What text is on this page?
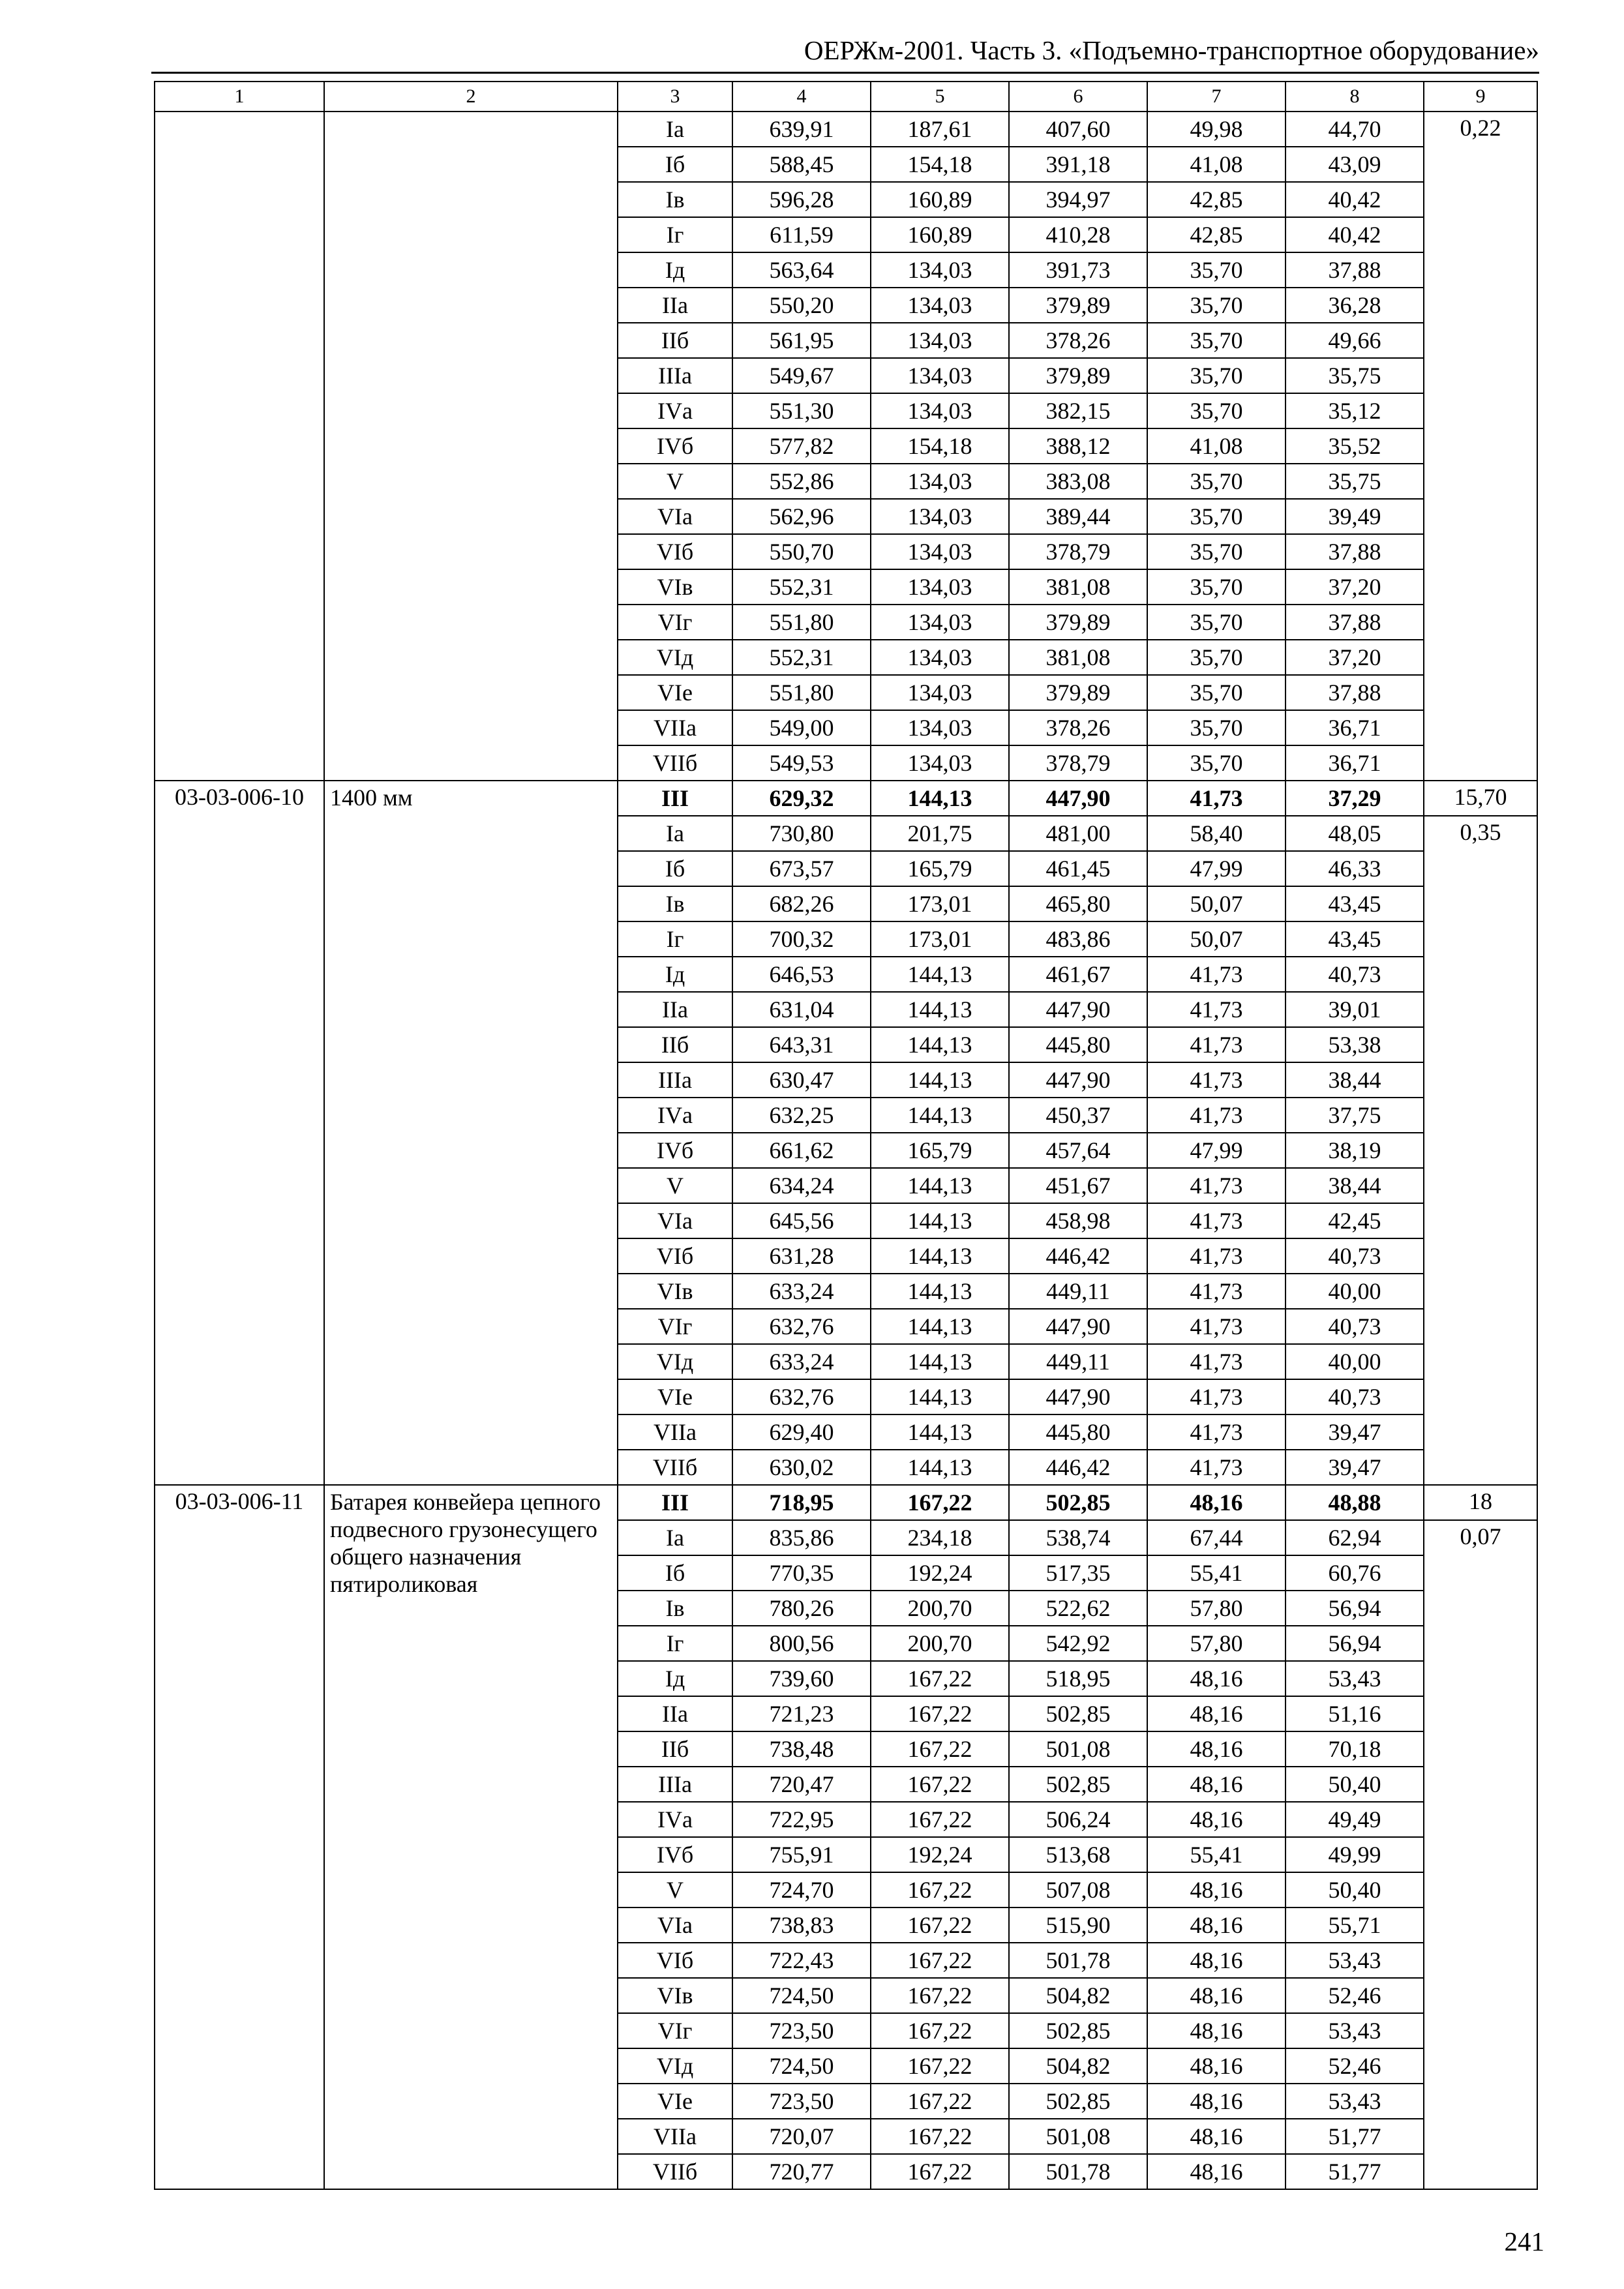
ОЕРЖм-2001. Часть 3. «Подъемно-транспортное оборудование»
1	2	3	4	5	6	7	8	9
		Iа	639,91	187,61	407,60	49,98	44,70	0,22
		Iб	588,45	154,18	391,18	41,08	43,09	
		Iв	596,28	160,89	394,97	42,85	40,42	
		Iг	611,59	160,89	410,28	42,85	40,42	
		Iд	563,64	134,03	391,73	35,70	37,88	
		IIа	550,20	134,03	379,89	35,70	36,28	
		IIб	561,95	134,03	378,26	35,70	49,66	
		IIIа	549,67	134,03	379,89	35,70	35,75	
		IVа	551,30	134,03	382,15	35,70	35,12	
		IVб	577,82	154,18	388,12	41,08	35,52	
		V	552,86	134,03	383,08	35,70	35,75	
		VIа	562,96	134,03	389,44	35,70	39,49	
		VIб	550,70	134,03	378,79	35,70	37,88	
		VIв	552,31	134,03	381,08	35,70	37,20	
		VIг	551,80	134,03	379,89	35,70	37,88	
		VIд	552,31	134,03	381,08	35,70	37,20	
		VIе	551,80	134,03	379,89	35,70	37,88	
		VIIа	549,00	134,03	378,26	35,70	36,71	
		VIIб	549,53	134,03	378,79	35,70	36,71	
03-03-006-10	1400 мм	III	629,32	144,13	447,90	41,73	37,29	15,70
		Iа	730,80	201,75	481,00	58,40	48,05	0,35
		Iб	673,57	165,79	461,45	47,99	46,33	
		Iв	682,26	173,01	465,80	50,07	43,45	
		Iг	700,32	173,01	483,86	50,07	43,45	
		Iд	646,53	144,13	461,67	41,73	40,73	
		IIа	631,04	144,13	447,90	41,73	39,01	
		IIб	643,31	144,13	445,80	41,73	53,38	
		IIIа	630,47	144,13	447,90	41,73	38,44	
		IVа	632,25	144,13	450,37	41,73	37,75	
		IVб	661,62	165,79	457,64	47,99	38,19	
		V	634,24	144,13	451,67	41,73	38,44	
		VIа	645,56	144,13	458,98	41,73	42,45	
		VIб	631,28	144,13	446,42	41,73	40,73	
		VIв	633,24	144,13	449,11	41,73	40,00	
		VIг	632,76	144,13	447,90	41,73	40,73	
		VIд	633,24	144,13	449,11	41,73	40,00	
		VIе	632,76	144,13	447,90	41,73	40,73	
		VIIа	629,40	144,13	445,80	41,73	39,47	
		VIIб	630,02	144,13	446,42	41,73	39,47	
03-03-006-11	Батарея конвейера цепного подвесного грузонесущего общего назначения пятироликовая	III	718,95	167,22	502,85	48,16	48,88	18
		Iа	835,86	234,18	538,74	67,44	62,94	0,07
		Iб	770,35	192,24	517,35	55,41	60,76	
		Iв	780,26	200,70	522,62	57,80	56,94	
		Iг	800,56	200,70	542,92	57,80	56,94	
		Iд	739,60	167,22	518,95	48,16	53,43	
		IIа	721,23	167,22	502,85	48,16	51,16	
		IIб	738,48	167,22	501,08	48,16	70,18	
		IIIа	720,47	167,22	502,85	48,16	50,40	
		IVа	722,95	167,22	506,24	48,16	49,49	
		IVб	755,91	192,24	513,68	55,41	49,99	
		V	724,70	167,22	507,08	48,16	50,40	
		VIа	738,83	167,22	515,90	48,16	55,71	
		VIб	722,43	167,22	501,78	48,16	53,43	
		VIв	724,50	167,22	504,82	48,16	52,46	
		VIг	723,50	167,22	502,85	48,16	53,43	
		VIд	724,50	167,22	504,82	48,16	52,46	
		VIе	723,50	167,22	502,85	48,16	53,43	
		VIIа	720,07	167,22	501,08	48,16	51,77	
		VIIб	720,77	167,22	501,78	48,16	51,77	
241
